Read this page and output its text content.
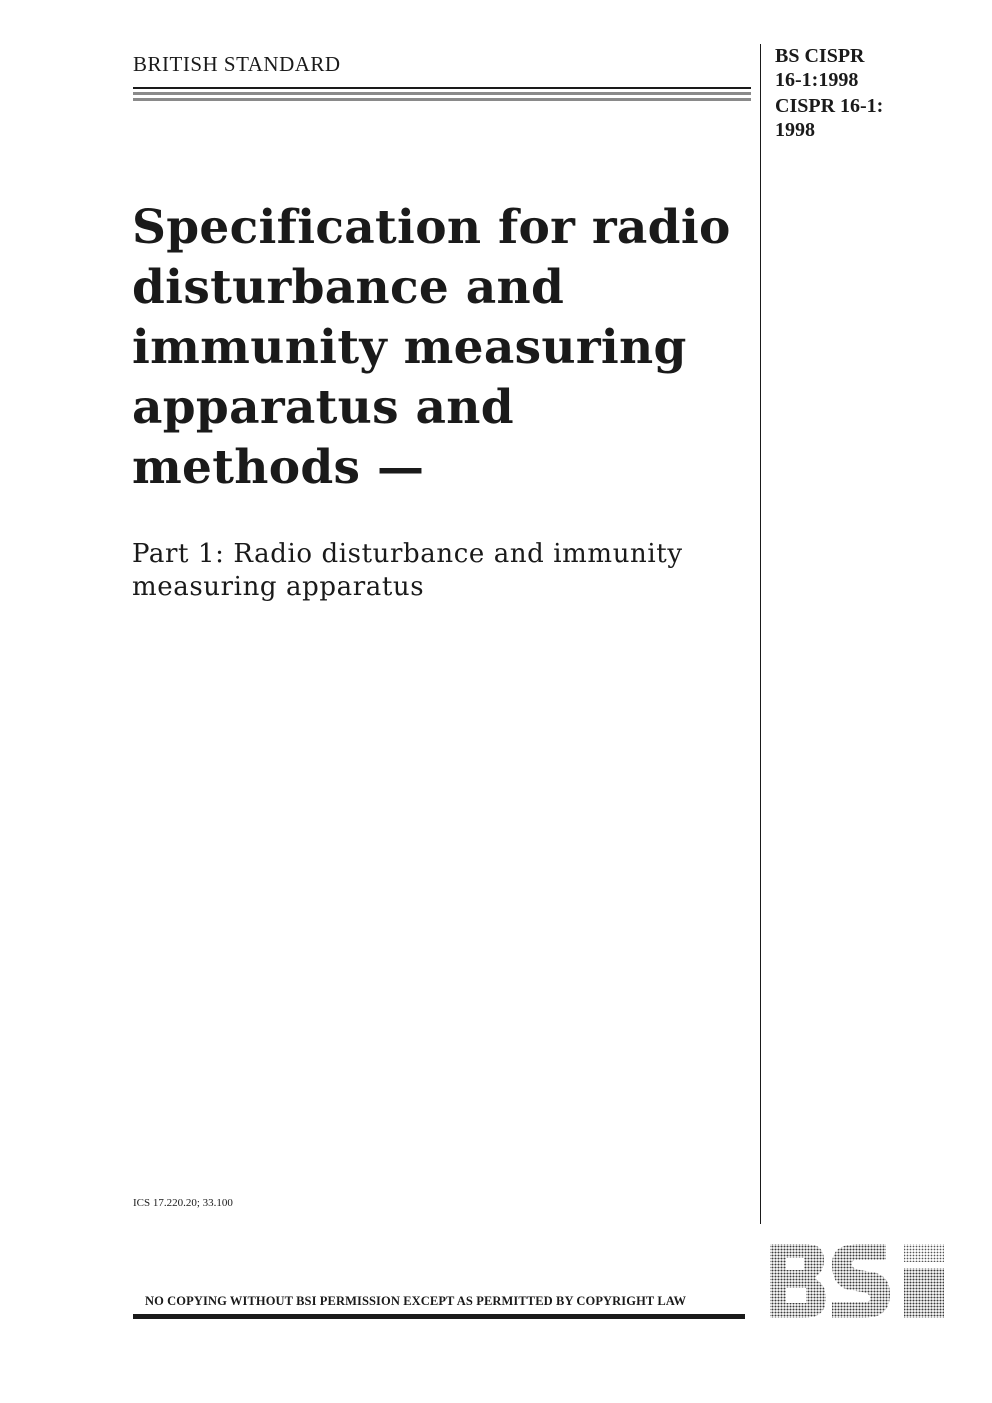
BRITISH STANDARD	BS CISPR
16-1:1998
CISPR 16-1:
1998
Specification for radio
disturbance and
immunity measuring
apparatus and
methods —
Part 1: Radio disturbance and immunity
measuring apparatus
ICS 17.220.20; 33.100
NO COPYING WITHOUT BSI PERMISSION EXCEPT AS PERMITTED BY COPYRIGHT LAW
